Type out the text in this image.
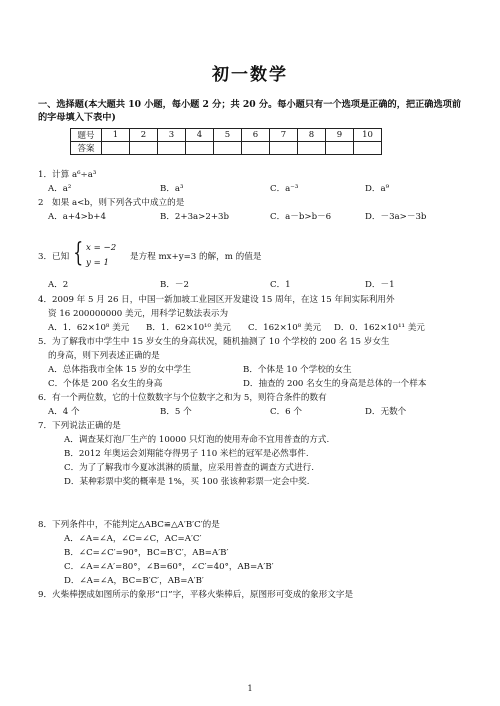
初一数学
一、选择题(本大题共 10 小题，每小题 2 分；共 20 分。每小题只有一个选项是正确的，把正确选项前的字母填入下表中)
题号	1	2	3	4	5	6	7	8	9	10
答案										
1．计算 a⁶÷a³
A．a²	B．a³	C．a⁻³	D．a⁹
2　如果 a<b，则下列各式中成立的是
A．a+4>b+4	B．2+3a>2+3b	C．a－b>b－6	D．－3a>－3b
3．已知 { x = −2
y = 1
是方程 mx+y=3 的解，m 的值是
A．2	B．－2	C．1	D．－1
4．2009 年 5 月 26 日，中国一新加坡工业园区开发建设 15 周年，在这 15 年间实际利用外
资 16 200000000 美元，用科学记数法表示为
A．1．62×10⁸ 美元 B．1．62×10¹⁰ 美元 C．162×10⁸ 美元 D．0．162×10¹¹ 美元
5．为了解我市中学生中 15 岁女生的身高状况，随机抽测了 10 个学校的 200 名 15 岁女生
的身高，则下列表述正确的是
A．总体指我市全体 15 岁的女中学生	B．个体是 10 个学校的女生
C．个体是 200 名女生的身高	D．抽查的 200 名女生的身高是总体的一个样本
6．有一个两位数，它的十位数数字与个位数字之和为 5，则符合条件的数有
A．4 个	B．5 个	C．6 个	D．无数个
7．下列说法正确的是
A．调查某灯泡厂生产的 10000 只灯泡的使用寿命不宜用普查的方式.
B．2012 年奥运会刘翔能夺得男子 110 米栏的冠军是必然事件.
C．为了了解我市今夏冰淇淋的质量，应采用普查的调查方式进行.
D．某种彩票中奖的概率是 1%，买 100 张该种彩票一定会中奖.
8．下列条件中，不能判定△ABC≌△A′B′C′的是
A．∠A=∠A，∠C=∠C，AC=A′C′
B．∠C=∠C′=90°，BC=B′C′，AB=A′B′
C．∠A=∠A′=80°，∠B=60°，∠C′=40°，AB=A′B′
D．∠A=∠A，BC=B′C′，AB=A′B′
9．火柴棒摆成如图所示的象形“口”字，平移火柴棒后，原图形可变成的象形文字是
1
